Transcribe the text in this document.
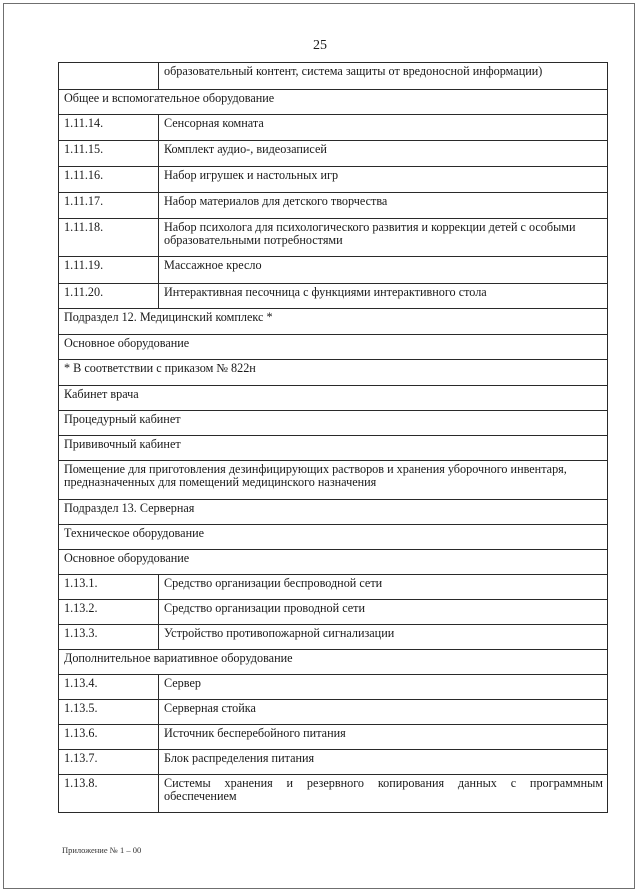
25
	образовательный контент, система защиты от вредоносной информации)
Общее и вспомогательное оборудование	
1.11.14.	Сенсорная комната
1.11.15.	Комплект аудио-, видеозаписей
1.11.16.	Набор игрушек и настольных игр
1.11.17.	Набор материалов для детского творчества
1.11.18.	Набор психолога для психологического развития и коррекции детей с особыми образовательными потребностями
1.11.19.	Массажное кресло
1.11.20.	Интерактивная песочница с функциями интерактивного стола
Подраздел 12. Медицинский комплекс *	
Основное оборудование	
* В соответствии с приказом № 822н	
Кабинет врача	
Процедурный кабинет	
Прививочный кабинет	
Помещение для приготовления дезинфицирующих растворов и хранения уборочного инвентаря, предназначенных для помещений медицинского назначения	
Подраздел 13. Серверная	
Техническое оборудование	
Основное оборудование	
1.13.1.	Средство организации беспроводной сети
1.13.2.	Средство организации проводной сети
1.13.3.	Устройство противопожарной сигнализации
Дополнительное вариативное оборудование	
1.13.4.	Сервер
1.13.5.	Серверная стойка
1.13.6.	Источник бесперебойного питания
1.13.7.	Блок распределения питания
1.13.8.	Системы хранения и резервного копирования данных с программным обеспечением
Приложение № 1 – 00
